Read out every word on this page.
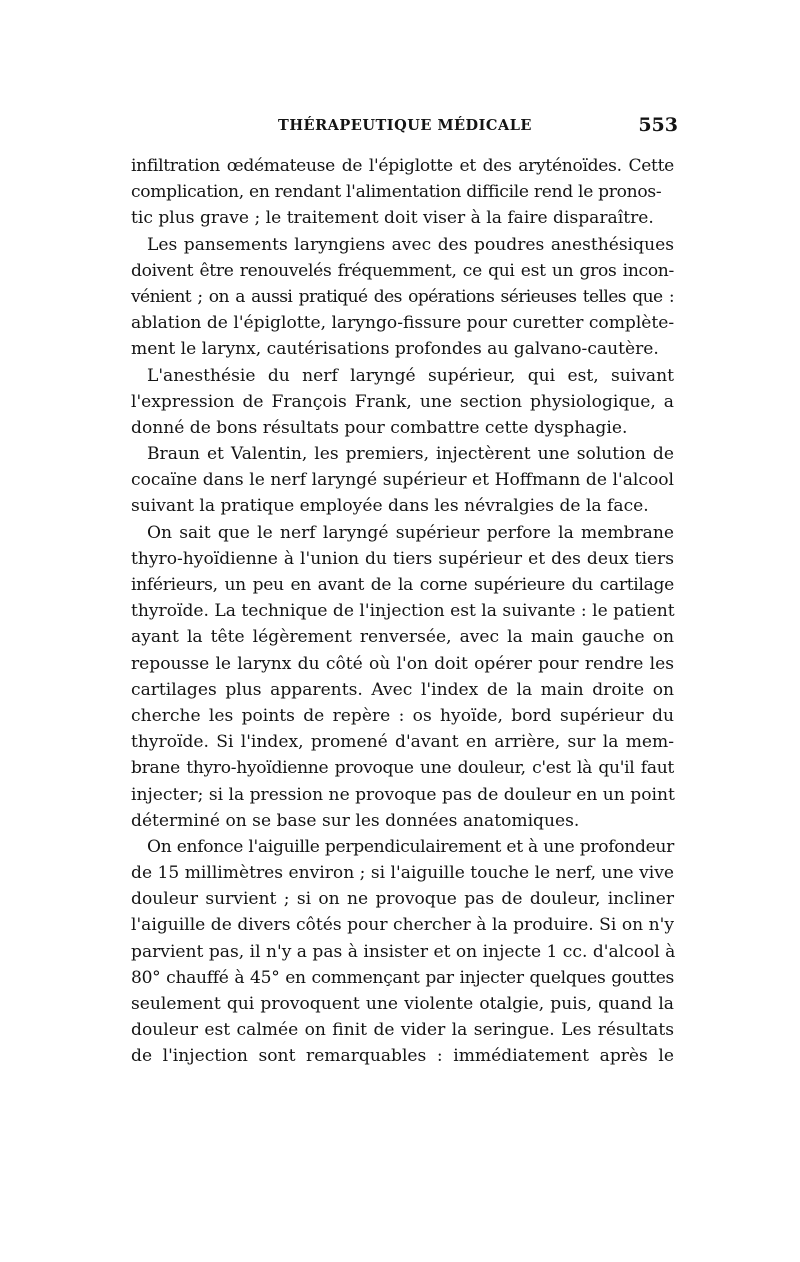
THÉRAPEUTIQUE MÉDICALE	553
infiltration œdémateuse de l'épiglotte et des aryténoïdes. Cette
complication, en rendant l'alimentation difficile rend le pronos-
tic plus grave ; le traitement doit viser à la faire disparaître.
Les pansements laryngiens avec des poudres anesthésiques
doivent être renouvelés fréquemment, ce qui est un gros incon-
vénient ; on a aussi pratiqué des opérations sérieuses telles que :
ablation de l'épiglotte, laryngo-fissure pour curetter complète-
ment le larynx, cautérisations profondes au galvano-cautère.
L'anesthésie du nerf laryngé supérieur, qui est, suivant
l'expression de François Frank, une section physiologique, a
donné de bons résultats pour combattre cette dysphagie.
Braun et Valentin, les premiers, injectèrent une solution de
cocaïne dans le nerf laryngé supérieur et Hoffmann de l'alcool
suivant la pratique employée dans les névralgies de la face.
On sait que le nerf laryngé supérieur perfore la membrane
thyro-hyoïdienne à l'union du tiers supérieur et des deux tiers
inférieurs, un peu en avant de la corne supérieure du cartilage
thyroïde. La technique de l'injection est la suivante : le patient
ayant la tête légèrement renversée, avec la main gauche on
repousse le larynx du côté où l'on doit opérer pour rendre les
cartilages plus apparents. Avec l'index de la main droite on
cherche les points de repère : os hyoïde, bord supérieur du
thyroïde. Si l'index, promené d'avant en arrière, sur la mem-
brane thyro-hyoïdienne provoque une douleur, c'est là qu'il faut
injecter; si la pression ne provoque pas de douleur en un point
déterminé on se base sur les données anatomiques.
On enfonce l'aiguille perpendiculairement et à une profondeur
de 15 millimètres environ ; si l'aiguille touche le nerf, une vive
douleur survient ; si on ne provoque pas de douleur, incliner
l'aiguille de divers côtés pour chercher à la produire. Si on n'y
parvient pas, il n'y a pas à insister et on injecte 1 cc. d'alcool à
80° chauffé à 45° en commençant par injecter quelques gouttes
seulement qui provoquent une violente otalgie, puis, quand la
douleur est calmée on finit de vider la seringue. Les résultats
de l'injection sont remarquables : immédiatement après le
